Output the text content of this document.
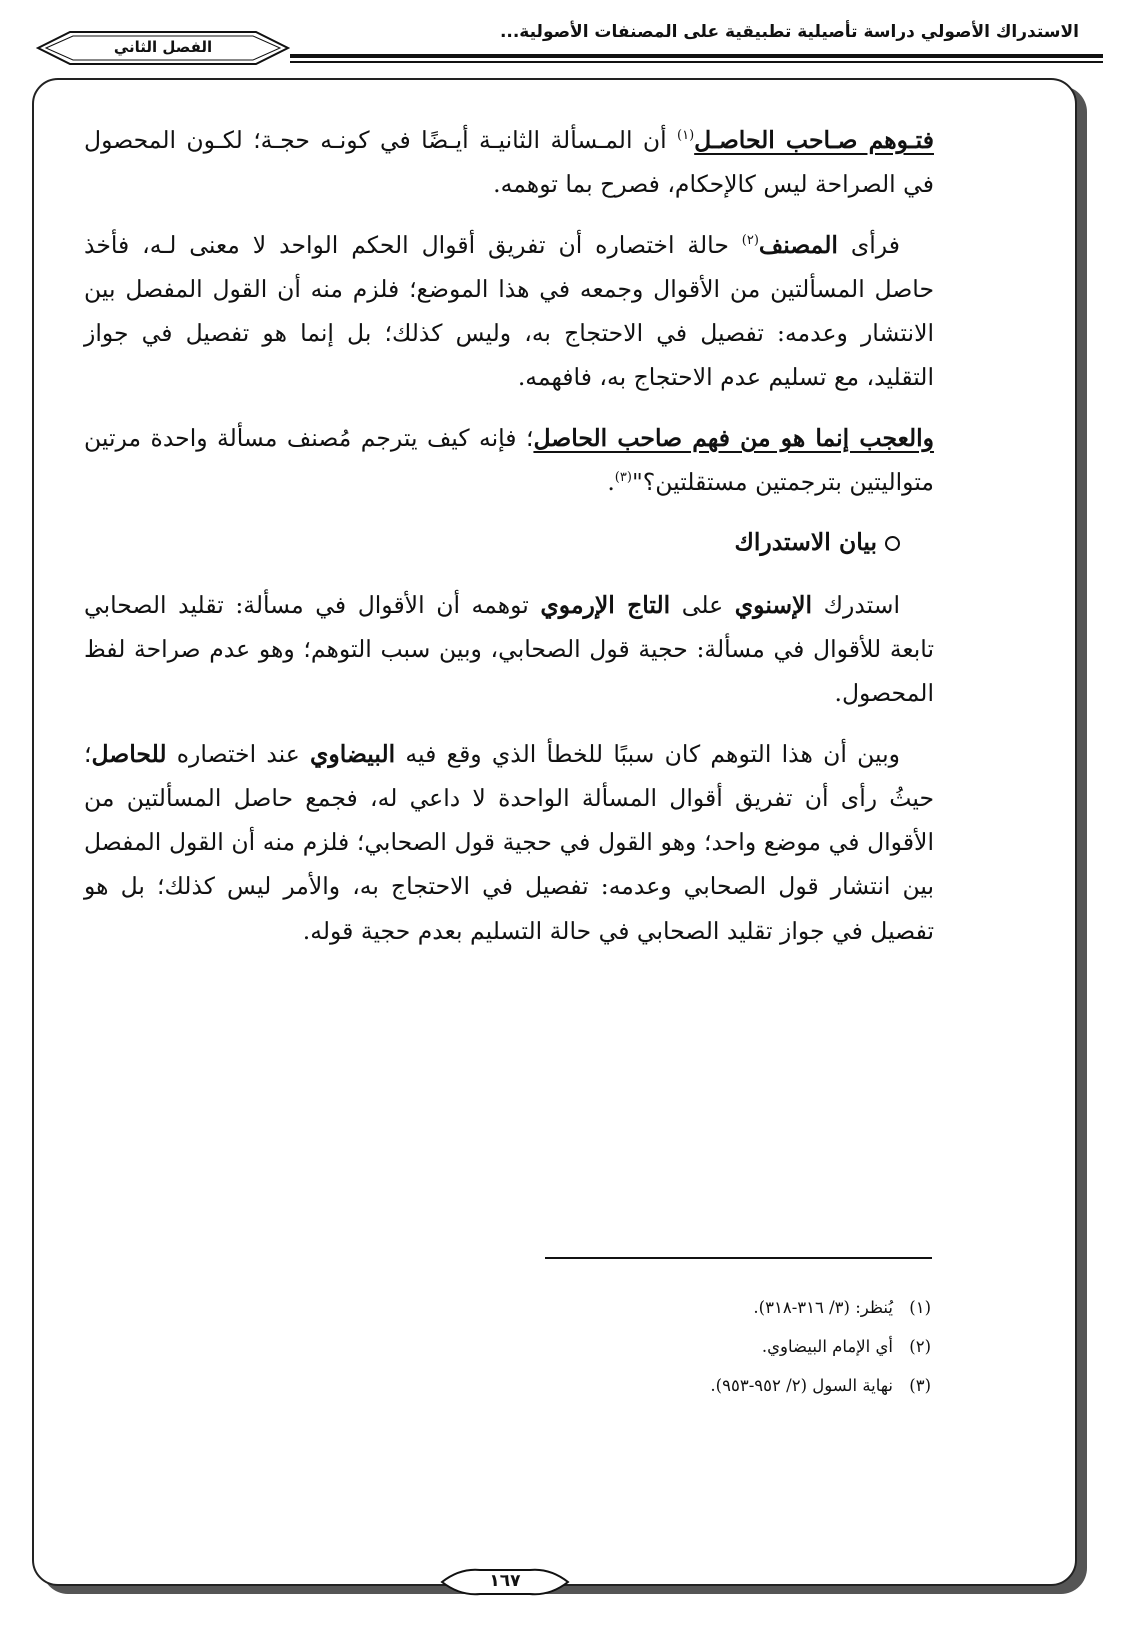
الاستدراك الأصولي دراسة تأصيلية تطبيقية على المصنفات الأصولية...
الفصل الثاني

فتـوهم صـاحب الحاصـل$^{(١)}$ أن المـسألة الثانيـة أيـضًا في كونـه حجـة؛ لكـون المحصول في الصراحة ليس كالإحكام، فصرح بما توهمه.

فرأى المصنف$^{(٢)}$ حالة اختصاره أن تفريق أقوال الحكم الواحد لا معنى لـه، فأخذ حاصل المسألتين من الأقوال وجمعه في هذا الموضع؛ فلزم منه أن القول المفصل بين الانتشار وعدمه: تفصيل في الاحتجاج به، وليس كذلك؛ بل إنما هو تفصيل في جواز التقليد، مع تسليم عدم الاحتجاج به، فافهمه.

والعجب إنما هو من فهم صاحب الحاصل؛ فإنه كيف يترجم مُصنف مسألة واحدة مرتين متواليتين بترجمتين مستقلتين؟"$^{(٣)}$.

بيان الاستدراك

استدرك الإسنوي على التاج الإرموي توهمه أن الأقوال في مسألة: تقليد الصحابي تابعة للأقوال في مسألة: حجية قول الصحابي، وبين سبب التوهم؛ وهو عدم صراحة لفظ المحصول.

وبين أن هذا التوهم كان سببًا للخطأ الذي وقع فيه البيضاوي عند اختصاره للحاصل؛ حيثُ رأى أن تفريق أقوال المسألة الواحدة لا داعي له، فجمع حاصل المسألتين من الأقوال في موضع واحد؛ وهو القول في حجية قول الصحابي؛ فلزم منه أن القول المفصل بين انتشار قول الصحابي وعدمه: تفصيل في الاحتجاج به، والأمر ليس كذلك؛ بل هو تفصيل في جواز تقليد الصحابي في حالة التسليم بعدم حجية قوله.

(١)يُنظر: (٣/ ٣١٦-٣١٨).
(٢)أي الإمام البيضاوي.
(٣)نهاية السول (٢/ ٩٥٢-٩٥٣).
١٦٧
